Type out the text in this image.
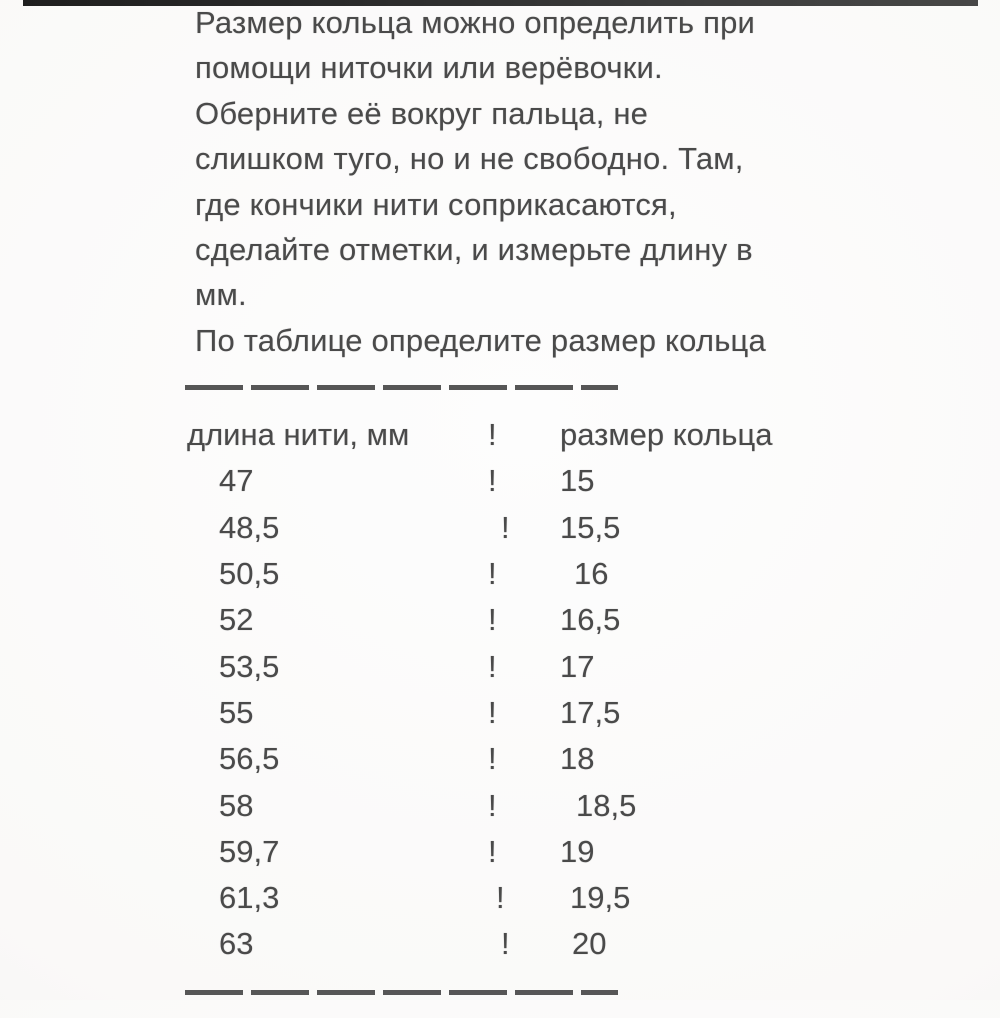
Размер кольца можно определить при
помощи ниточки или верёвочки.
Оберните её вокруг пальца, не
слишком туго, но и не свободно. Там,
где кончики нити соприкасаются,
сделайте отметки, и измерьте длину в
мм.
По таблице определите размер кольца
длина нити, мм	! размер кольца
47	! 15
48,5	! 15,5
50,5	! 16
52	! 16,5
53,5	! 17
55	! 17,5
56,5	! 18
58	!	18,5
59,7	! 19
61,3	! 19,5
63	! 20
